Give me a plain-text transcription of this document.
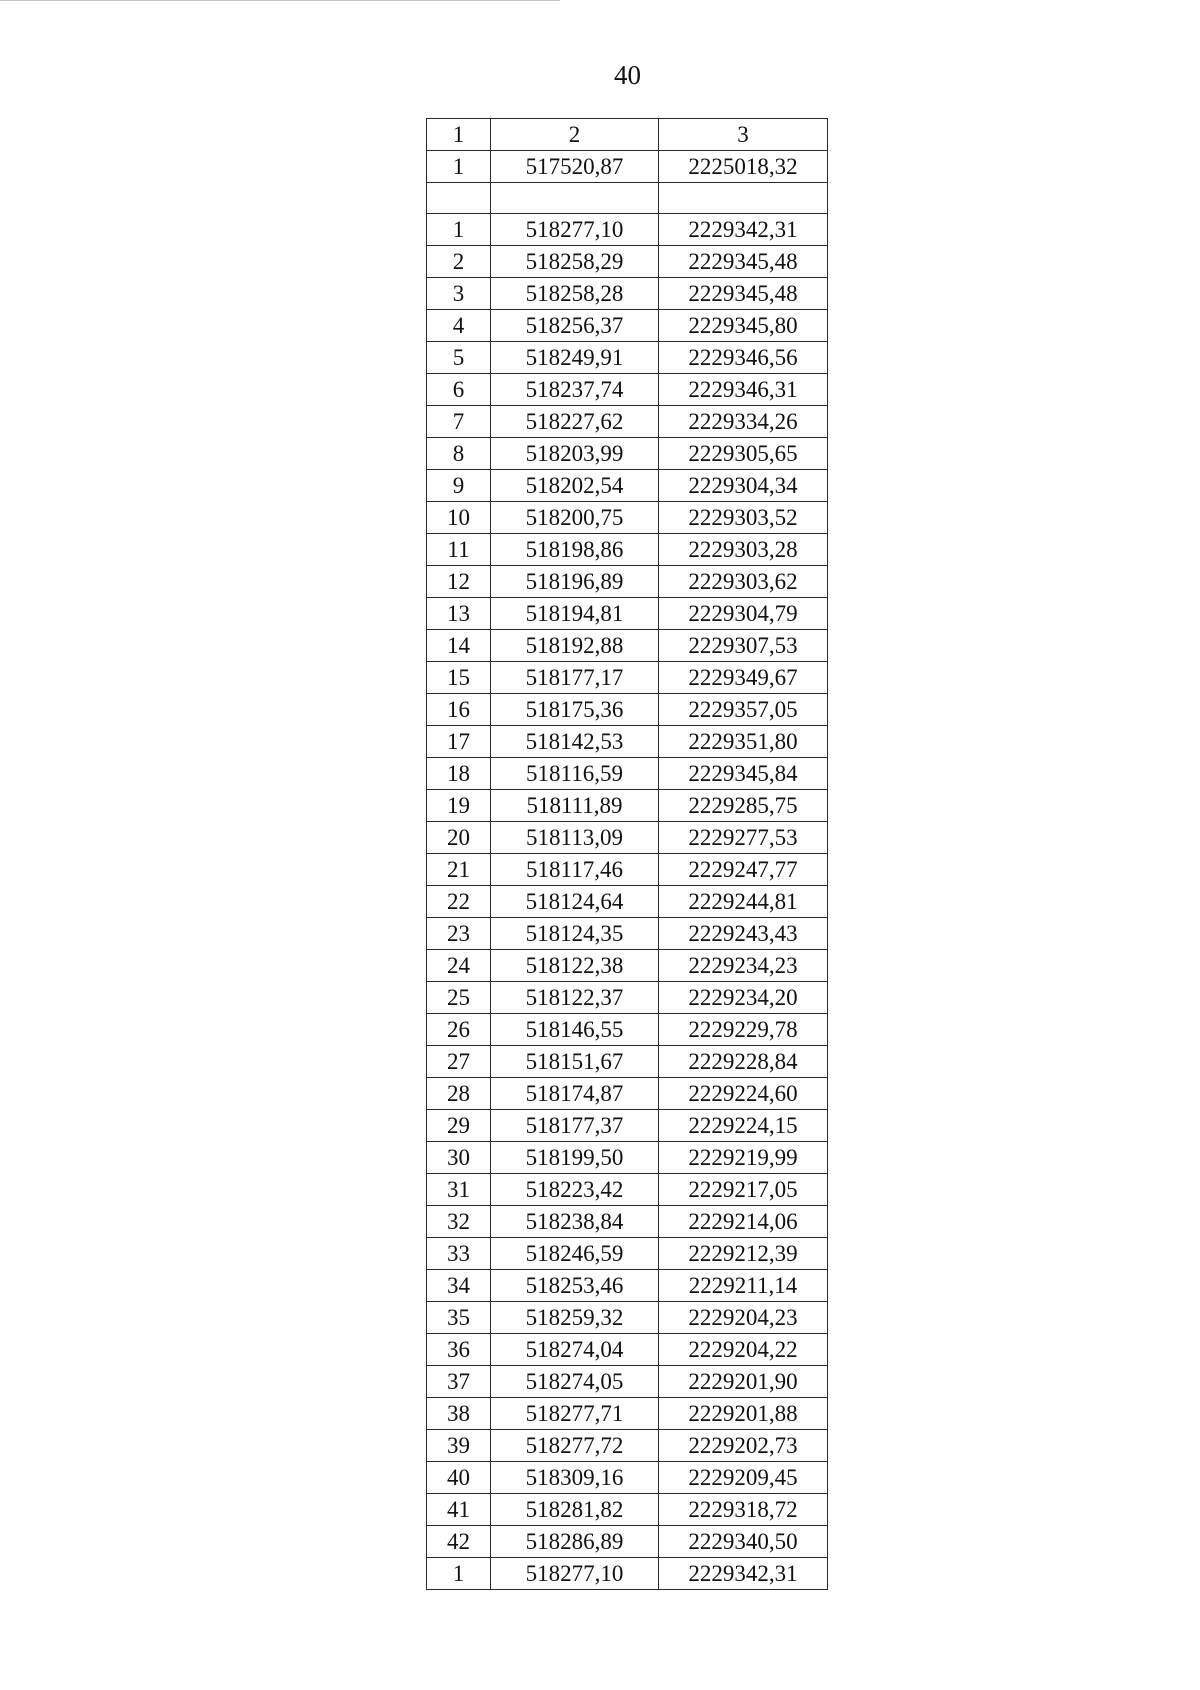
40
1	2	3
1	517520,87	2225018,32

1	518277,10	2229342,31
2	518258,29	2229345,48
3	518258,28	2229345,48
4	518256,37	2229345,80
5	518249,91	2229346,56
6	518237,74	2229346,31
7	518227,62	2229334,26
8	518203,99	2229305,65
9	518202,54	2229304,34
10	518200,75	2229303,52
11	518198,86	2229303,28
12	518196,89	2229303,62
13	518194,81	2229304,79
14	518192,88	2229307,53
15	518177,17	2229349,67
16	518175,36	2229357,05
17	518142,53	2229351,80
18	518116,59	2229345,84
19	518111,89	2229285,75
20	518113,09	2229277,53
21	518117,46	2229247,77
22	518124,64	2229244,81
23	518124,35	2229243,43
24	518122,38	2229234,23
25	518122,37	2229234,20
26	518146,55	2229229,78
27	518151,67	2229228,84
28	518174,87	2229224,60
29	518177,37	2229224,15
30	518199,50	2229219,99
31	518223,42	2229217,05
32	518238,84	2229214,06
33	518246,59	2229212,39
34	518253,46	2229211,14
35	518259,32	2229204,23
36	518274,04	2229204,22
37	518274,05	2229201,90
38	518277,71	2229201,88
39	518277,72	2229202,73
40	518309,16	2229209,45
41	518281,82	2229318,72
42	518286,89	2229340,50
1	518277,10	2229342,31
